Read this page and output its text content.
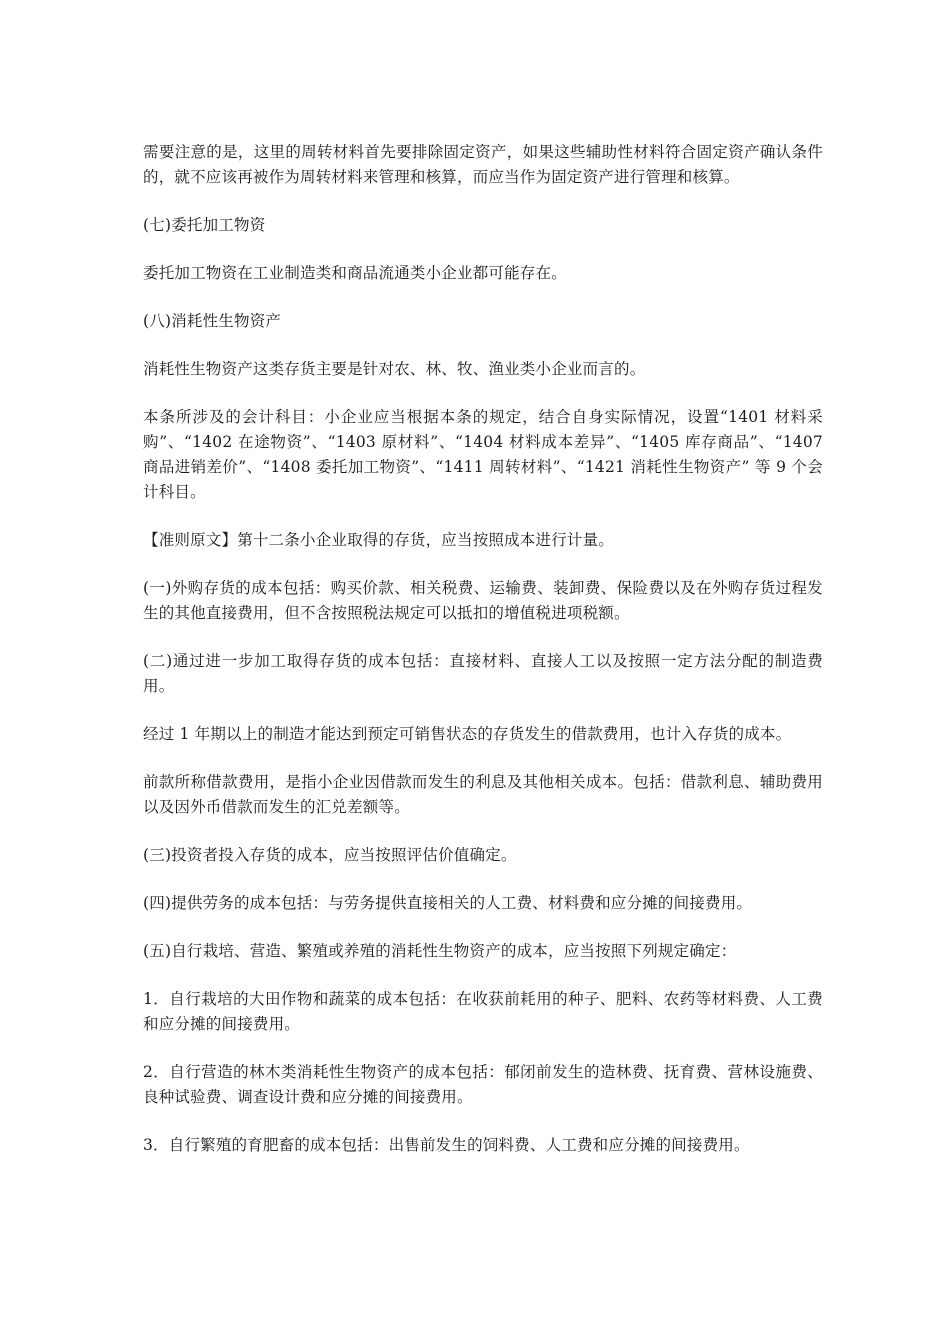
需要注意的是，这里的周转材料首先要排除固定资产，如果这些辅助性材料符合固定资产确认条件的，就不应该再被作为周转材料来管理和核算，而应当作为固定资产进行管理和核算。

(七)委托加工物资

委托加工物资在工业制造类和商品流通类小企业都可能存在。

(八)消耗性生物资产

消耗性生物资产这类存货主要是针对农、林、牧、渔业类小企业而言的。

本条所涉及的会计科目：小企业应当根据本条的规定，结合自身实际情况，设置“1401 材料采购”、“1402 在途物资”、“1403 原材料”、“1404 材料成本差异”、“1405 库存商品”、“1407 商品进销差价”、“1408 委托加工物资”、“1411 周转材料”、“1421 消耗性生物资产” 等 9 个会计科目。

【准则原文】第十二条小企业取得的存货，应当按照成本进行计量。

(一)外购存货的成本包括：购买价款、相关税费、运输费、装卸费、保险费以及在外购存货过程发生的其他直接费用，但不含按照税法规定可以抵扣的增值税进项税额。

(二)通过进一步加工取得存货的成本包括：直接材料、直接人工以及按照一定方法分配的制造费用。

经过 1 年期以上的制造才能达到预定可销售状态的存货发生的借款费用，也计入存货的成本。

前款所称借款费用，是指小企业因借款而发生的利息及其他相关成本。包括：借款利息、辅助费用以及因外币借款而发生的汇兑差额等。

(三)投资者投入存货的成本，应当按照评估价值确定。

(四)提供劳务的成本包括：与劳务提供直接相关的人工费、材料费和应分摊的间接费用。

(五)自行栽培、营造、繁殖或养殖的消耗性生物资产的成本，应当按照下列规定确定：

1．自行栽培的大田作物和蔬菜的成本包括：在收获前耗用的种子、肥料、农药等材料费、人工费和应分摊的间接费用。

2．自行营造的林木类消耗性生物资产的成本包括：郁闭前发生的造林费、抚育费、营林设施费、良种试验费、调查设计费和应分摊的间接费用。

3．自行繁殖的育肥畜的成本包括：出售前发生的饲料费、人工费和应分摊的间接费用。
